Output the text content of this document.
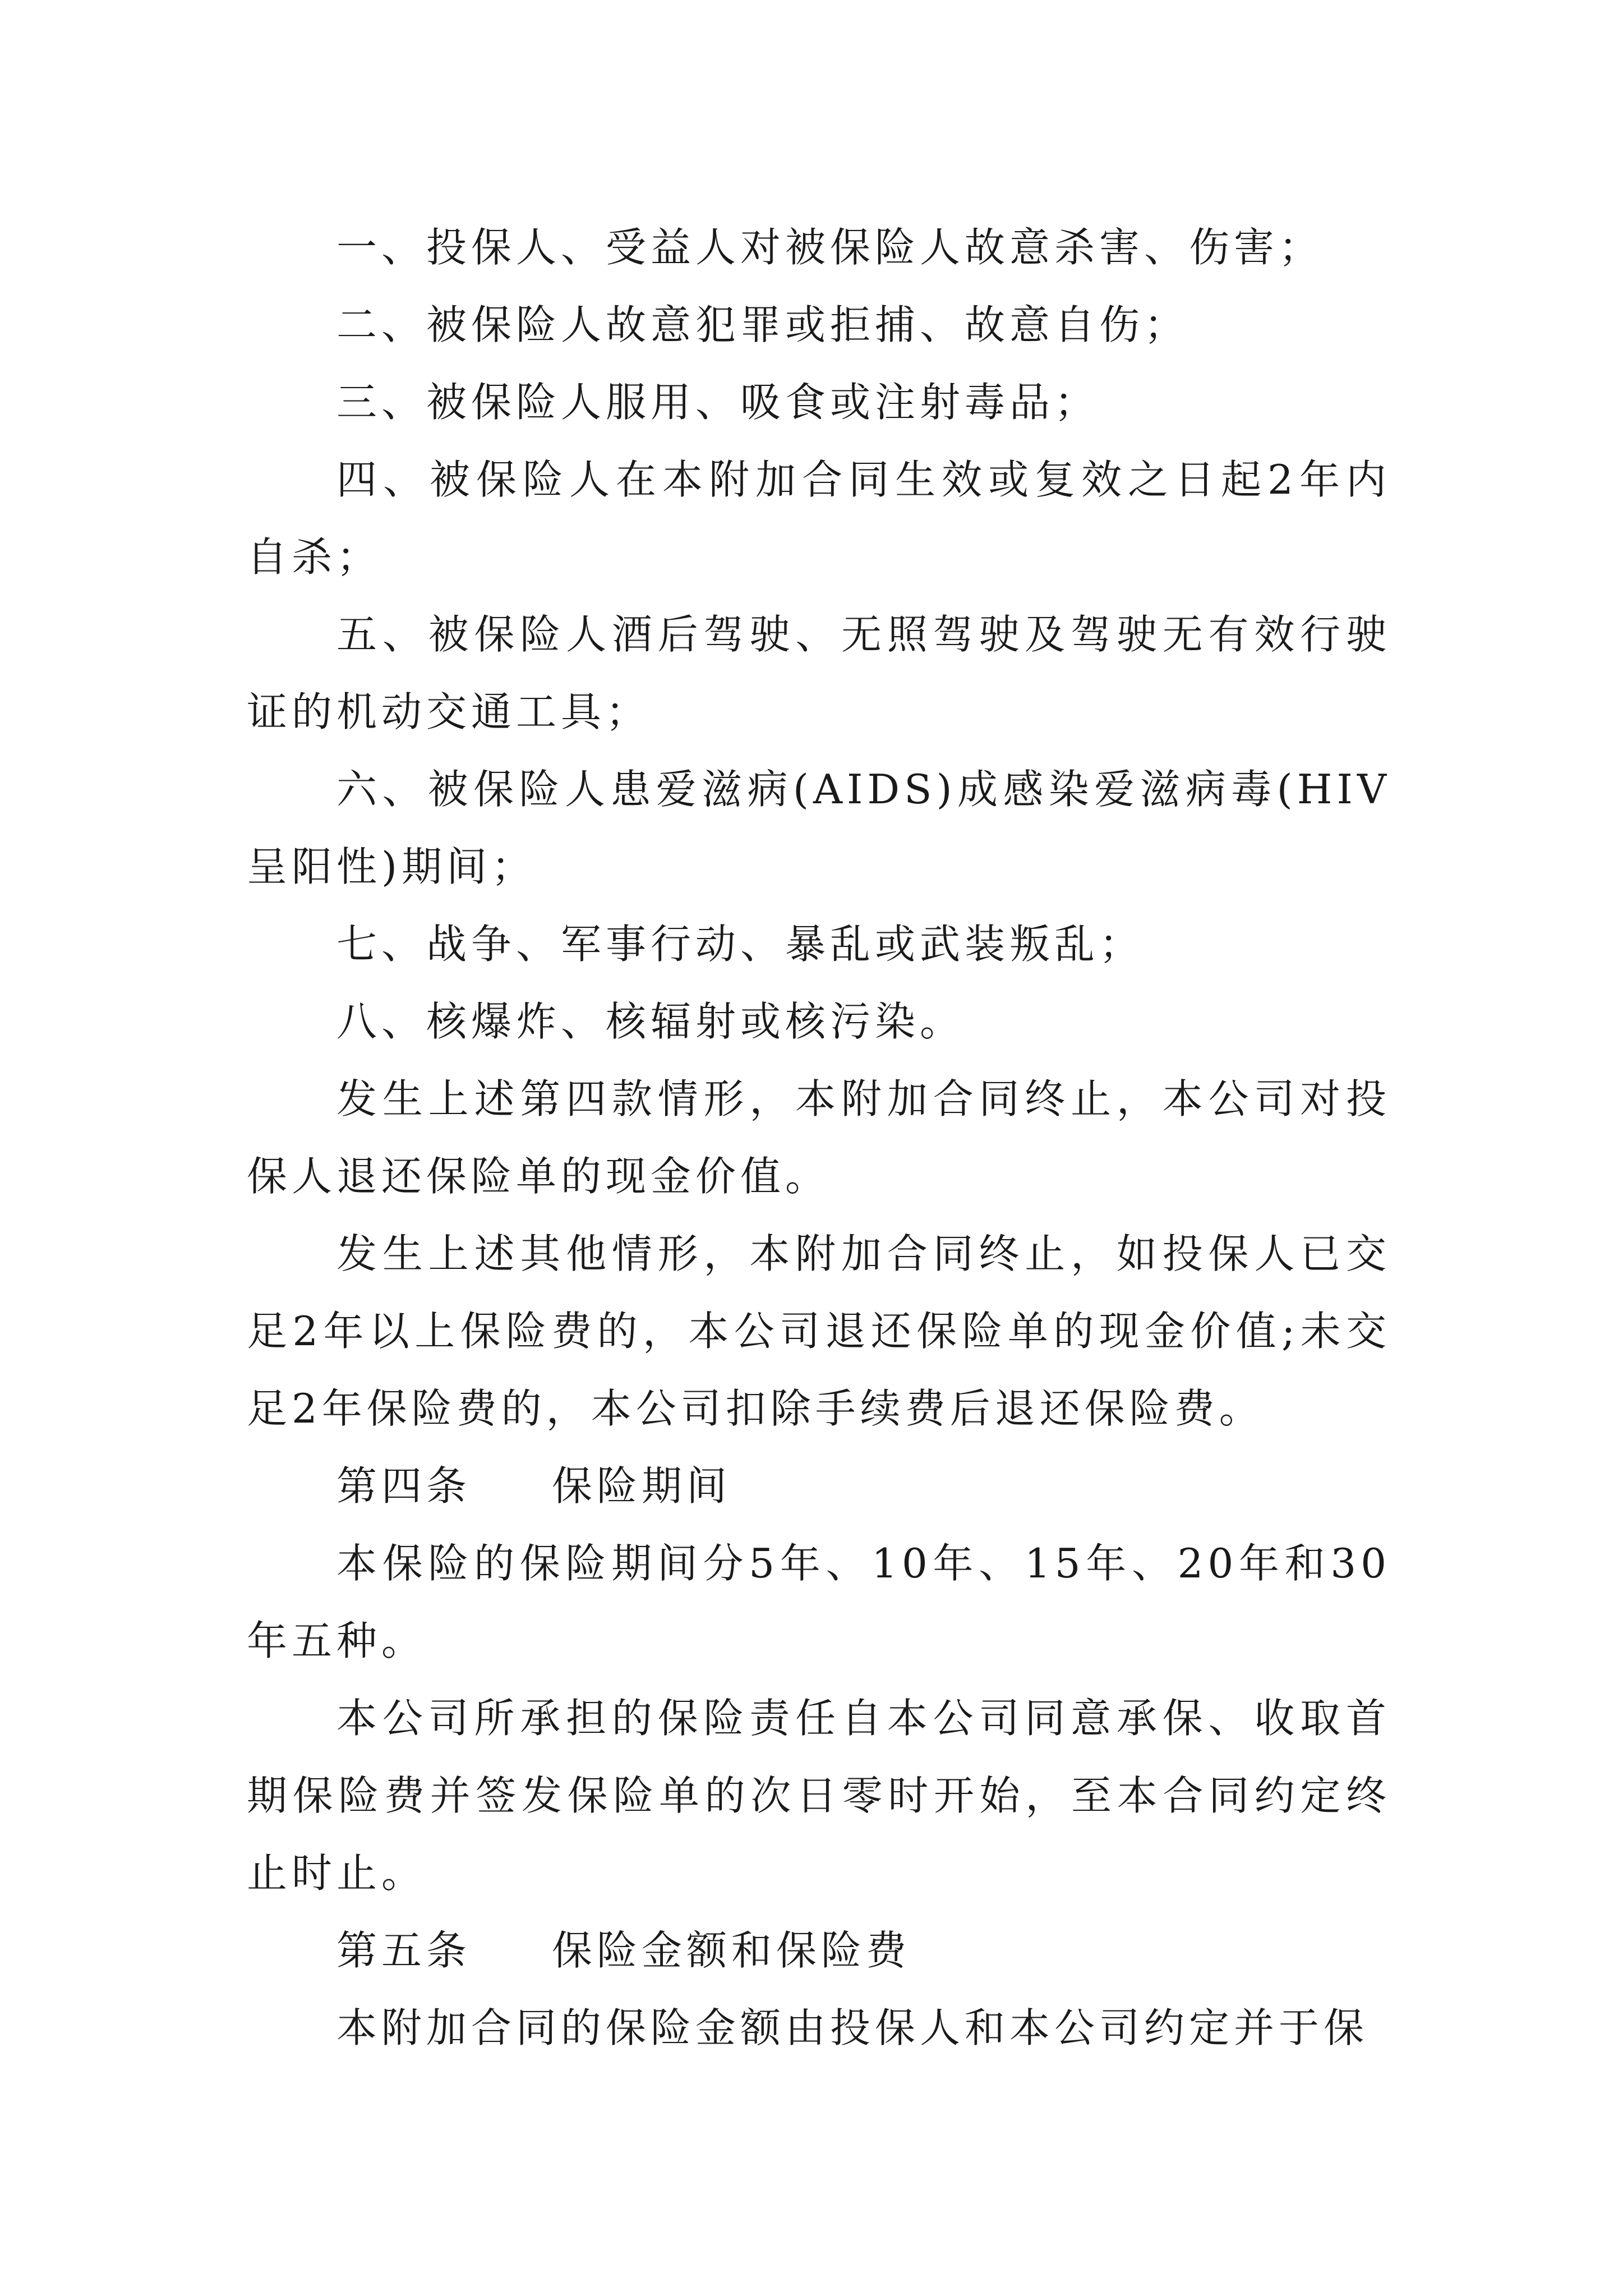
一、投保人、受益人对被保险人故意杀害、伤害；

二、被保险人故意犯罪或拒捕、故意自伤；

三、被保险人服用、吸食或注射毒品；

四、被保险人在本附加合同生效或复效之日起2年内自杀；

五、被保险人酒后驾驶、无照驾驶及驾驶无有效行驶证的机动交通工具；

六、被保险人患爱滋病(AIDS)成感染爱滋病毒(HIV呈阳性)期间；

七、战争、军事行动、暴乱或武装叛乱；

八、核爆炸、核辐射或核污染。

发生上述第四款情形，本附加合同终止，本公司对投保人退还保险单的现金价值。

发生上述其他情形，本附加合同终止，如投保人已交足2年以上保险费的，本公司退还保险单的现金价值;未交足2年保险费的，本公司扣除手续费后退还保险费。

第四条 保险期间

本保险的保险期间分5年、10年、15年、20年和30年五种。

本公司所承担的保险责任自本公司同意承保、收取首期保险费并签发保险单的次日零时开始，至本合同约定终止时止。

第五条 保险金额和保险费

本附加合同的保险金额由投保人和本公司约定并于保
